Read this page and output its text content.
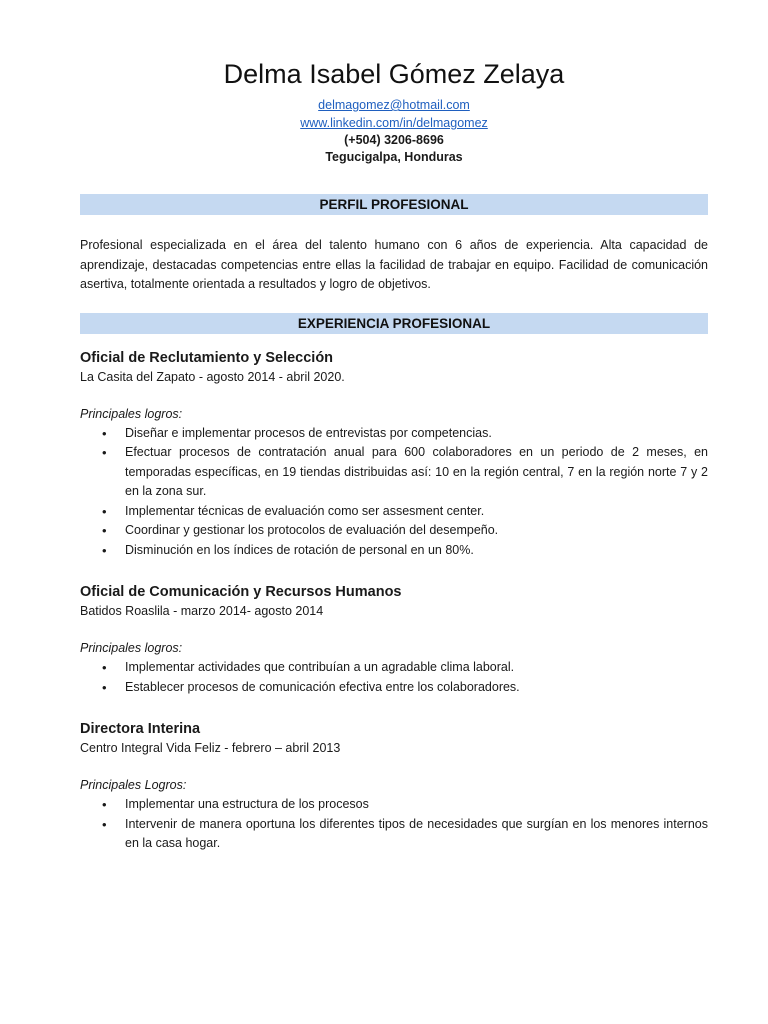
Delma Isabel Gómez Zelaya
delmagomez@hotmail.com
www.linkedin.com/in/delmagomez
(+504) 3206-8696
Tegucigalpa, Honduras
PERFIL PROFESIONAL

Profesional especializada en el área del talento humano con 6 años de experiencia. Alta capacidad de aprendizaje, destacadas competencias entre ellas la facilidad de trabajar en equipo. Facilidad de comunicación asertiva, totalmente orientada a resultados y logro de objetivos.

EXPERIENCIA PROFESIONAL

Oficial de Reclutamiento y Selección

La Casita del Zapato - agosto 2014 - abril 2020.

Principales logros:

• Diseñar e implementar procesos de entrevistas por competencias.
• Efectuar procesos de contratación anual para 600 colaboradores en un periodo de 2 meses, en temporadas específicas, en 19 tiendas distribuidas así: 10 en la región central, 7 en la región norte 7 y 2 en la zona sur.
• Implementar técnicas de evaluación como ser assesment center.
• Coordinar y gestionar los protocolos de evaluación del desempeño.
• Disminución en los índices de rotación de personal en un 80%.

Oficial de Comunicación y Recursos Humanos

Batidos Roaslila - marzo 2014- agosto 2014

Principales logros:

• Implementar actividades que contribuían a un agradable clima laboral.
• Establecer procesos de comunicación efectiva entre los colaboradores.

Directora Interina

Centro Integral Vida Feliz - febrero – abril 2013

Principales Logros:

• Implementar una estructura de los procesos
• Intervenir de manera oportuna los diferentes tipos de necesidades que surgían en los menores internos en la casa hogar.
